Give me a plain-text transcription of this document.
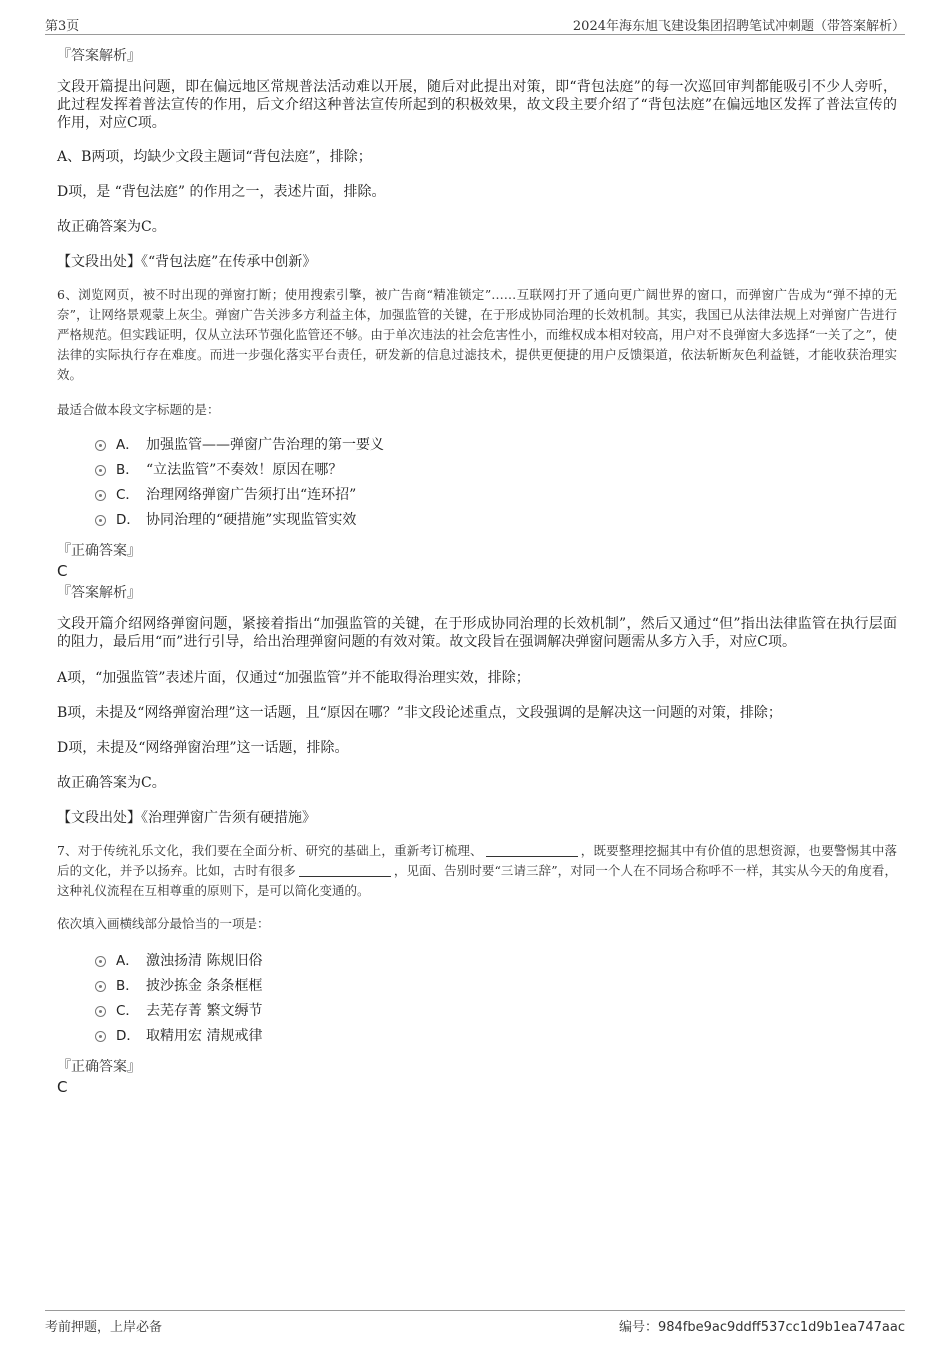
第3页	2024年海东旭飞建设集团招聘笔试冲刺题（带答案解析）
『答案解析』

文段开篇提出问题，即在偏远地区常规普法活动难以开展，随后对此提出对策，即“背包法庭”的每一次巡回审判都能吸引不少人旁听，此过程发挥着普法宣传的作用，后文介绍这种普法宣传所起到的积极效果，故文段主要介绍了“背包法庭”在偏远地区发挥了普法宣传的作用，对应C项。

A、B两项，均缺少文段主题词“背包法庭”，排除；
D项，是 “背包法庭” 的作用之一，表述片面，排除。
故正确答案为C。
【文段出处】《“背包法庭”在传承中创新》

6、浏览网页，被不时出现的弹窗打断；使用搜索引擎，被广告商“精准锁定”……互联网打开了通向更广阔世界的窗口，而弹窗广告成为“弹不掉的无奈”，让网络景观蒙上灰尘。弹窗广告关涉多方利益主体，加强监管的关键，在于形成协同治理的长效机制。其实，我国已从法律法规上对弹窗广告进行严格规范。但实践证明，仅从立法环节强化监管还不够。由于单次违法的社会危害性小，而维权成本相对较高，用户对不良弹窗大多选择“一关了之”，使法律的实际执行存在难度。而进一步强化落实平台责任，研发新的信息过滤技术，提供更便捷的用户反馈渠道，依法斩断灰色利益链，才能收获治理实效。

最适合做本段文字标题的是：
A． 加强监管——弹窗广告治理的第一要义
B． “立法监管”不奏效！原因在哪？
C． 治理网络弹窗广告须打出“连环招”
D． 协同治理的“硬措施”实现监管实效
『正确答案』
C
『答案解析』

文段开篇介绍网络弹窗问题，紧接着指出“加强监管的关键，在于形成协同治理的长效机制”，然后又通过“但”指出法律监管在执行层面的阻力，最后用“而”进行引导，给出治理弹窗问题的有效对策。故文段旨在强调解决弹窗问题需从多方入手，对应C项。

A项，“加强监管”表述片面，仅通过“加强监管”并不能取得治理实效，排除；
B项，未提及“网络弹窗治理”这一话题，且“原因在哪？”非文段论述重点，文段强调的是解决这一问题的对策，排除；
D项，未提及“网络弹窗治理”这一话题，排除。
故正确答案为C。
【文段出处】《治理弹窗广告须有硬措施》

7、对于传统礼乐文化，我们要在全面分析、研究的基础上，重新考订梳理、	，既要整理挖掘其中有价值的思想资源，也要警惕其中落后的文化，并予以扬弃。比如，古时有很多	，见面、告别时要“三请三辞”，对同一个人在不同场合称呼不一样，其实从今天的角度看，这种礼仪流程在互相尊重的原则下，是可以简化变通的。

依次填入画横线部分最恰当的一项是：
A． 激浊扬清 陈规旧俗
B． 披沙拣金 条条框框
C． 去芜存菁 繁文缛节
D． 取精用宏 清规戒律
『正确答案』
C
考前押题，上岸必备	编号：984fbe9ac9ddff537cc1d9b1ea747aac
